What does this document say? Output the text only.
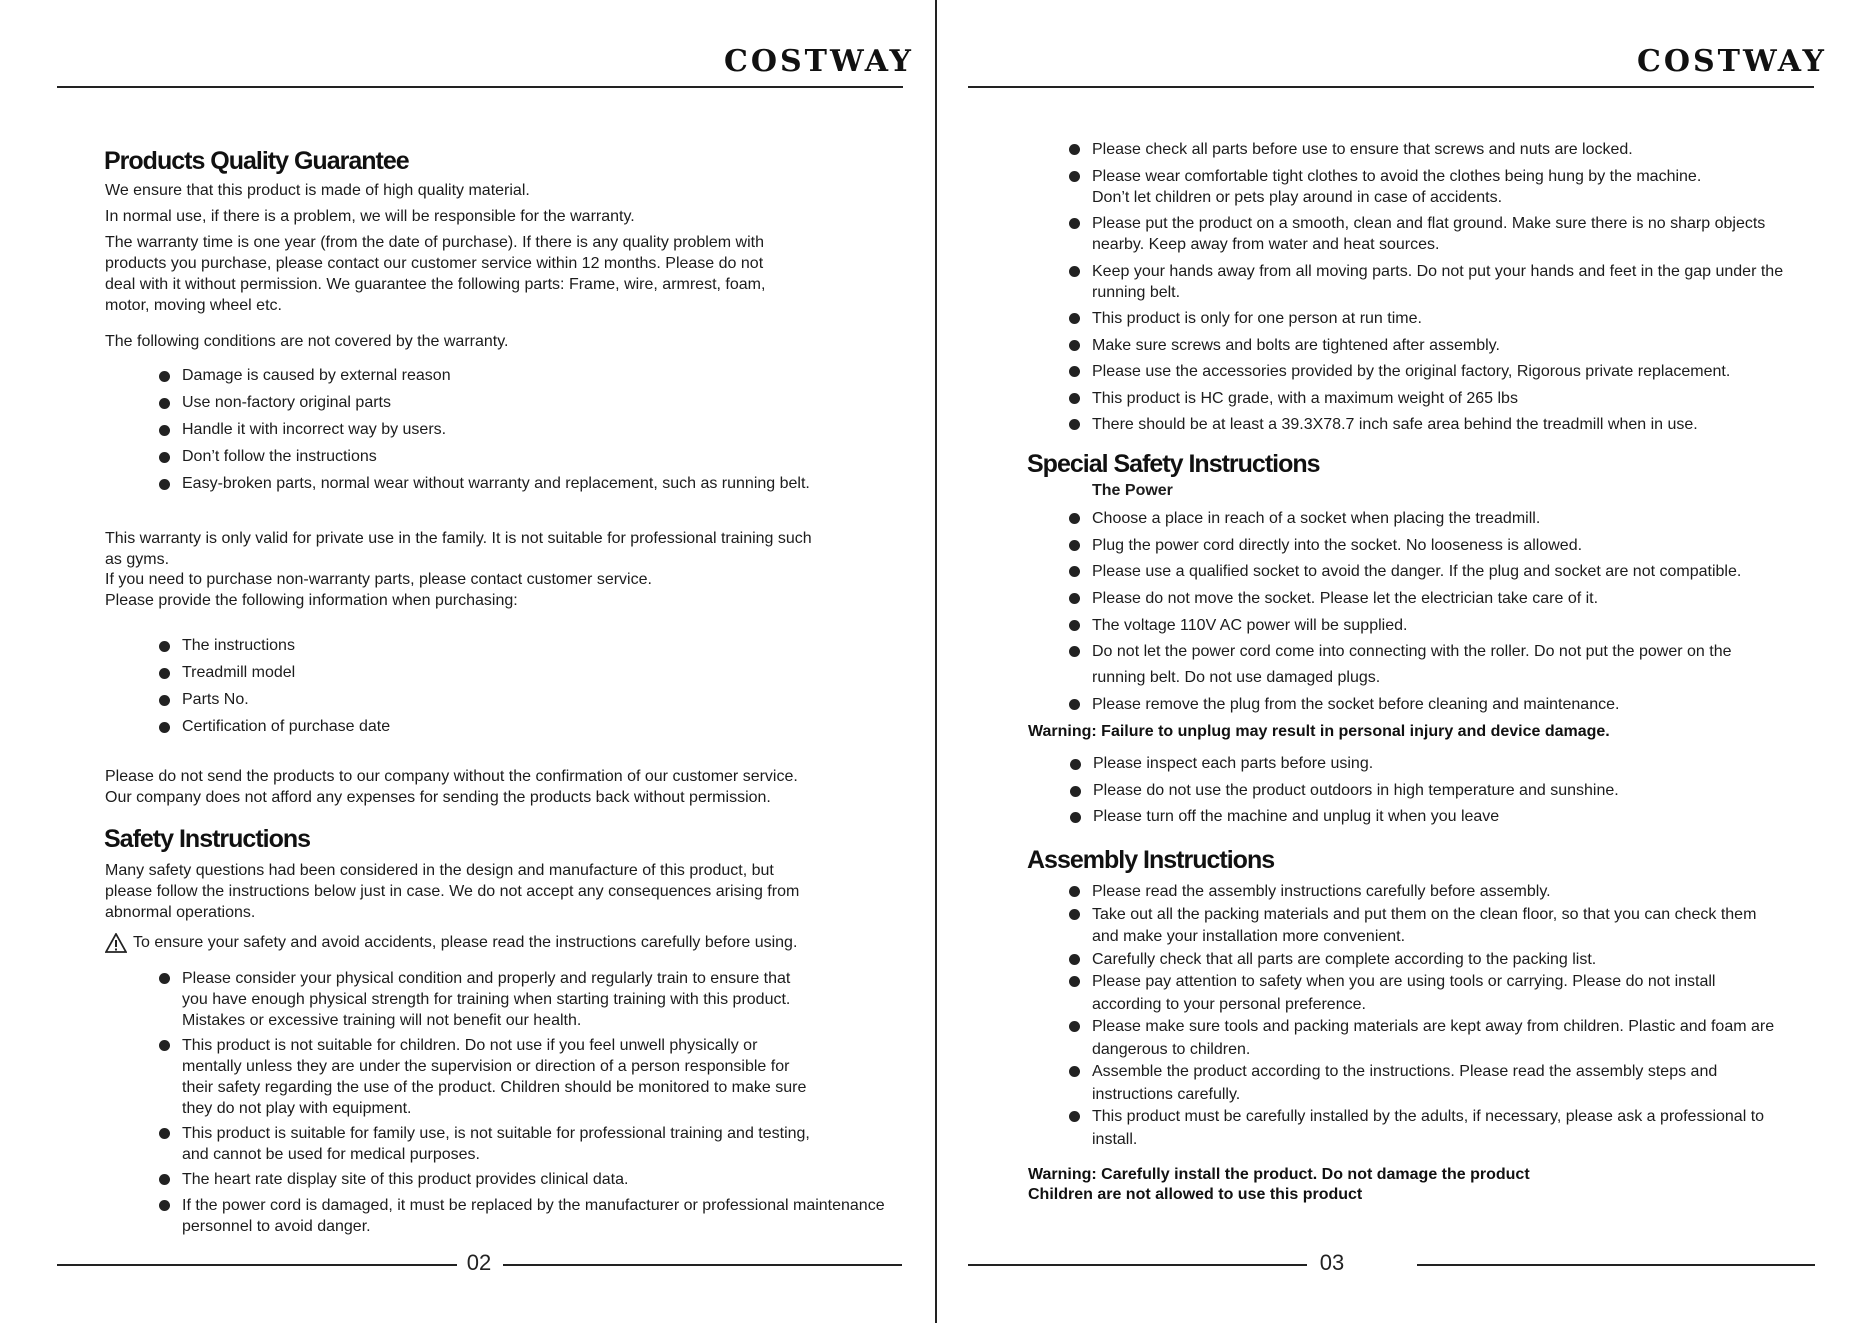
COSTWAY
Products Quality Guarantee
We ensure that this product is made of high quality material.
In normal use, if there is a problem, we will be responsible for the warranty.
The warranty time is one year (from the date of purchase). If there is any quality problem with
products you purchase, please contact our customer service within 12 months. Please do not
deal with it without permission. We guarantee the following parts: Frame, wire, armrest, foam,
motor, moving wheel etc.
The following conditions are not covered by the warranty.
Damage is caused by external reason
Use non-factory original parts
Handle it with incorrect way by users.
Don’t follow the instructions
Easy-broken parts, normal wear without warranty and replacement, such as running belt.
This warranty is only valid for private use in the family. It is not suitable for professional training such
as gyms.
If you need to purchase non-warranty parts, please contact customer service.
Please provide the following information when purchasing:
The instructions
Treadmill model
Parts No.
Certification of purchase date
Please do not send the products to our company without the confirmation of our customer service.
Our company does not afford any expenses for sending the products back without permission.
Safety Instructions
Many safety questions had been considered in the design and manufacture of this product, but
please follow the instructions below just in case. We do not accept any consequences arising from
abnormal operations.
To ensure your safety and avoid accidents, please read the instructions carefully before using.
Please consider your physical condition and properly and regularly train to ensure that
you have enough physical strength for training when starting training with this product.
Mistakes or excessive training will not benefit our health.
This product is not suitable for children. Do not use if you feel unwell physically or
mentally unless they are under the supervision or direction of a person responsible for
their safety regarding the use of the product. Children should be monitored to make sure
they do not play with equipment.
This product is suitable for family use, is not suitable for professional training and testing,
and cannot be used for medical purposes.
The heart rate display site of this product provides clinical data.
If the power cord is damaged, it must be replaced by the manufacturer or professional maintenance
personnel to avoid danger.
02
COSTWAY
Please check all parts before use to ensure that screws and nuts are locked.
Please wear comfortable tight clothes to avoid the clothes being hung by the machine.
Don’t let children or pets play around in case of accidents.
Please put the product on a smooth, clean and flat ground. Make sure there is no sharp objects
nearby. Keep away from water and heat sources.
Keep your hands away from all moving parts. Do not put your hands and feet in the gap under the
running belt.
This product is only for one person at run time.
Make sure screws and bolts are tightened after assembly.
Please use the accessories provided by the original factory, Rigorous private replacement.
This product is HC grade, with a maximum weight of 265 lbs
There should be at least a 39.3X78.7 inch safe area behind the treadmill when in use.
Special Safety Instructions
The Power
Choose a place in reach of a socket when placing the treadmill.
Plug the power cord directly into the socket. No looseness is allowed.
Please use a qualified socket to avoid the danger. If the plug and socket are not compatible.
Please do not move the socket. Please let the electrician take care of it.
The voltage 110V AC power will be supplied.
Do not let the power cord come into connecting with the roller. Do not put the power on the
running belt. Do not use damaged plugs.
Please remove the plug from the socket before cleaning and maintenance.
Warning: Failure to unplug may result in personal injury and device damage.
Please inspect each parts before using.
Please do not use the product outdoors in high temperature and sunshine.
Please turn off the machine and unplug it when you leave
Assembly Instructions
Please read the assembly instructions carefully before assembly.
Take out all the packing materials and put them on the clean floor, so that you can check them
and make your installation more convenient.
Carefully check that all parts are complete according to the packing list.
Please pay attention to safety when you are using tools or carrying. Please do not install
according to your personal preference.
Please make sure tools and packing materials are kept away from children. Plastic and foam are
dangerous to children.
Assemble the product according to the instructions. Please read the assembly steps and
instructions carefully.
This product must be carefully installed by the adults, if necessary, please ask a professional to
install.
Warning: Carefully install the product. Do not damage the product
Children are not allowed to use this product
03
